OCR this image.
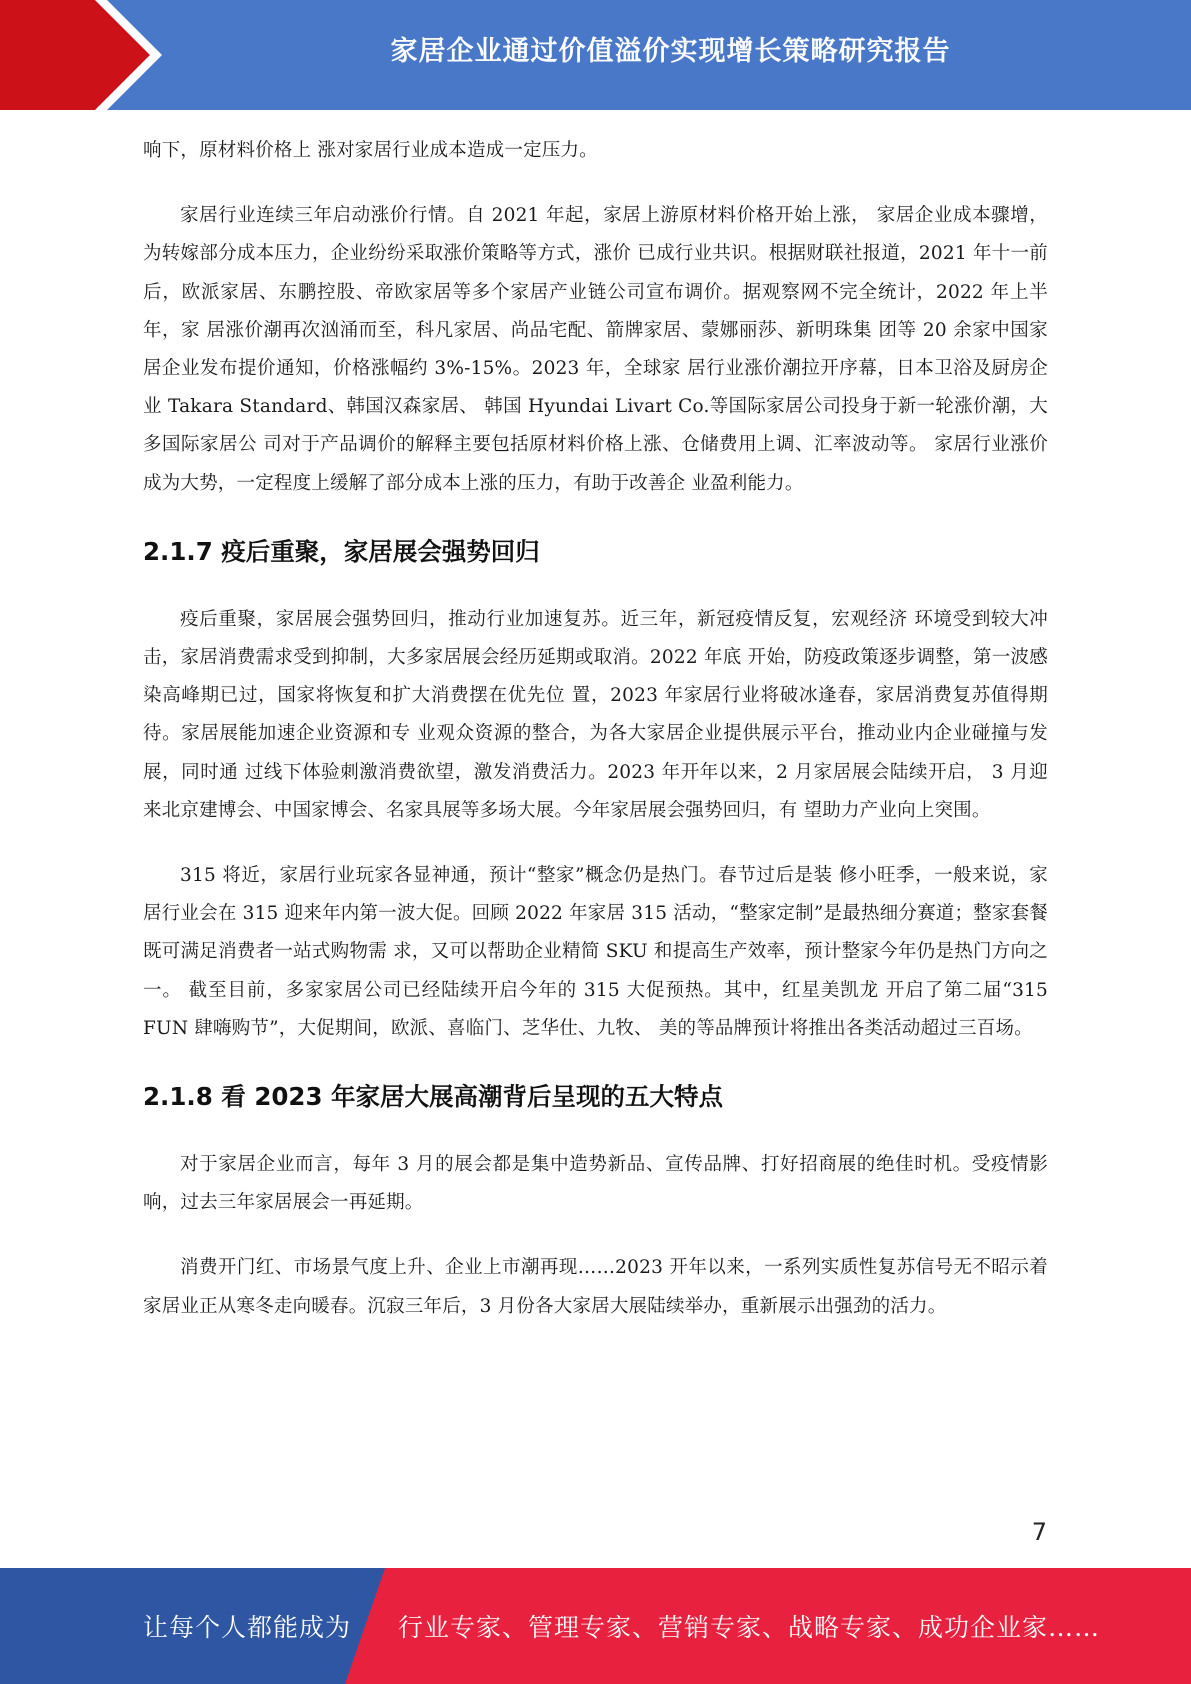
家居企业通过价值溢价实现增长策略研究报告

响下，原材料价格上 涨对家居行业成本造成一定压力。

家居行业连续三年启动涨价行情。自 2021 年起，家居上游原材料价格开始上涨， 家居企业成本骤增，为转嫁部分成本压力，企业纷纷采取涨价策略等方式，涨价 已成行业共识。根据财联社报道，2021 年十一前后，欧派家居、东鹏控股、帝欧家居等多个家居产业链公司宣布调价。据观察网不完全统计，2022 年上半年，家 居涨价潮再次汹涌而至，科凡家居、尚品宅配、箭牌家居、蒙娜丽莎、新明珠集 团等 20 余家中国家居企业发布提价通知，价格涨幅约 3%-15%。2023 年，全球家 居行业涨价潮拉开序幕，日本卫浴及厨房企业 Takara Standard、韩国汉森家居、 韩国 Hyundai Livart Co.等国际家居公司投身于新一轮涨价潮，大多国际家居公 司对于产品调价的解释主要包括原材料价格上涨、仓储费用上调、汇率波动等。 家居行业涨价成为大势，一定程度上缓解了部分成本上涨的压力，有助于改善企 业盈利能力。

2.1.7 疫后重聚，家居展会强势回归

疫后重聚，家居展会强势回归，推动行业加速复苏。近三年，新冠疫情反复，宏观经济 环境受到较大冲击，家居消费需求受到抑制，大多家居展会经历延期或取消。2022 年底 开始，防疫政策逐步调整，第一波感染高峰期已过，国家将恢复和扩大消费摆在优先位 置，2023 年家居行业将破冰逢春，家居消费复苏值得期待。家居展能加速企业资源和专 业观众资源的整合，为各大家居企业提供展示平台，推动业内企业碰撞与发展，同时通 过线下体验刺激消费欲望，激发消费活力。2023 年开年以来，2 月家居展会陆续开启， 3 月迎来北京建博会、中国家博会、名家具展等多场大展。今年家居展会强势回归，有 望助力产业向上突围。

315 将近，家居行业玩家各显神通，预计“整家”概念仍是热门。春节过后是装 修小旺季，一般来说，家居行业会在 315 迎来年内第一波大促。回顾 2022 年家居 315 活动，“整家定制”是最热细分赛道；整家套餐既可满足消费者一站式购物需 求，又可以帮助企业精简 SKU 和提高生产效率，预计整家今年仍是热门方向之一。 截至目前，多家家居公司已经陆续开启今年的 315 大促预热。其中，红星美凯龙 开启了第二届“315 FUN 肆嗨购节”，大促期间，欧派、喜临门、芝华仕、九牧、 美的等品牌预计将推出各类活动超过三百场。

2.1.8 看 2023 年家居大展高潮背后呈现的五大特点

对于家居企业而言，每年 3 月的展会都是集中造势新品、宣传品牌、打好招商展的绝佳时机。受疫情影响，过去三年家居展会一再延期。

消费开门红、市场景气度上升、企业上市潮再现……2023 开年以来，一系列实质性复苏信号无不昭示着家居业正从寒冬走向暖春。沉寂三年后，3 月份各大家居大展陆续举办，重新展示出强劲的活力。

7
让每个人都能成为 行业专家、管理专家、营销专家、战略专家、成功企业家……
